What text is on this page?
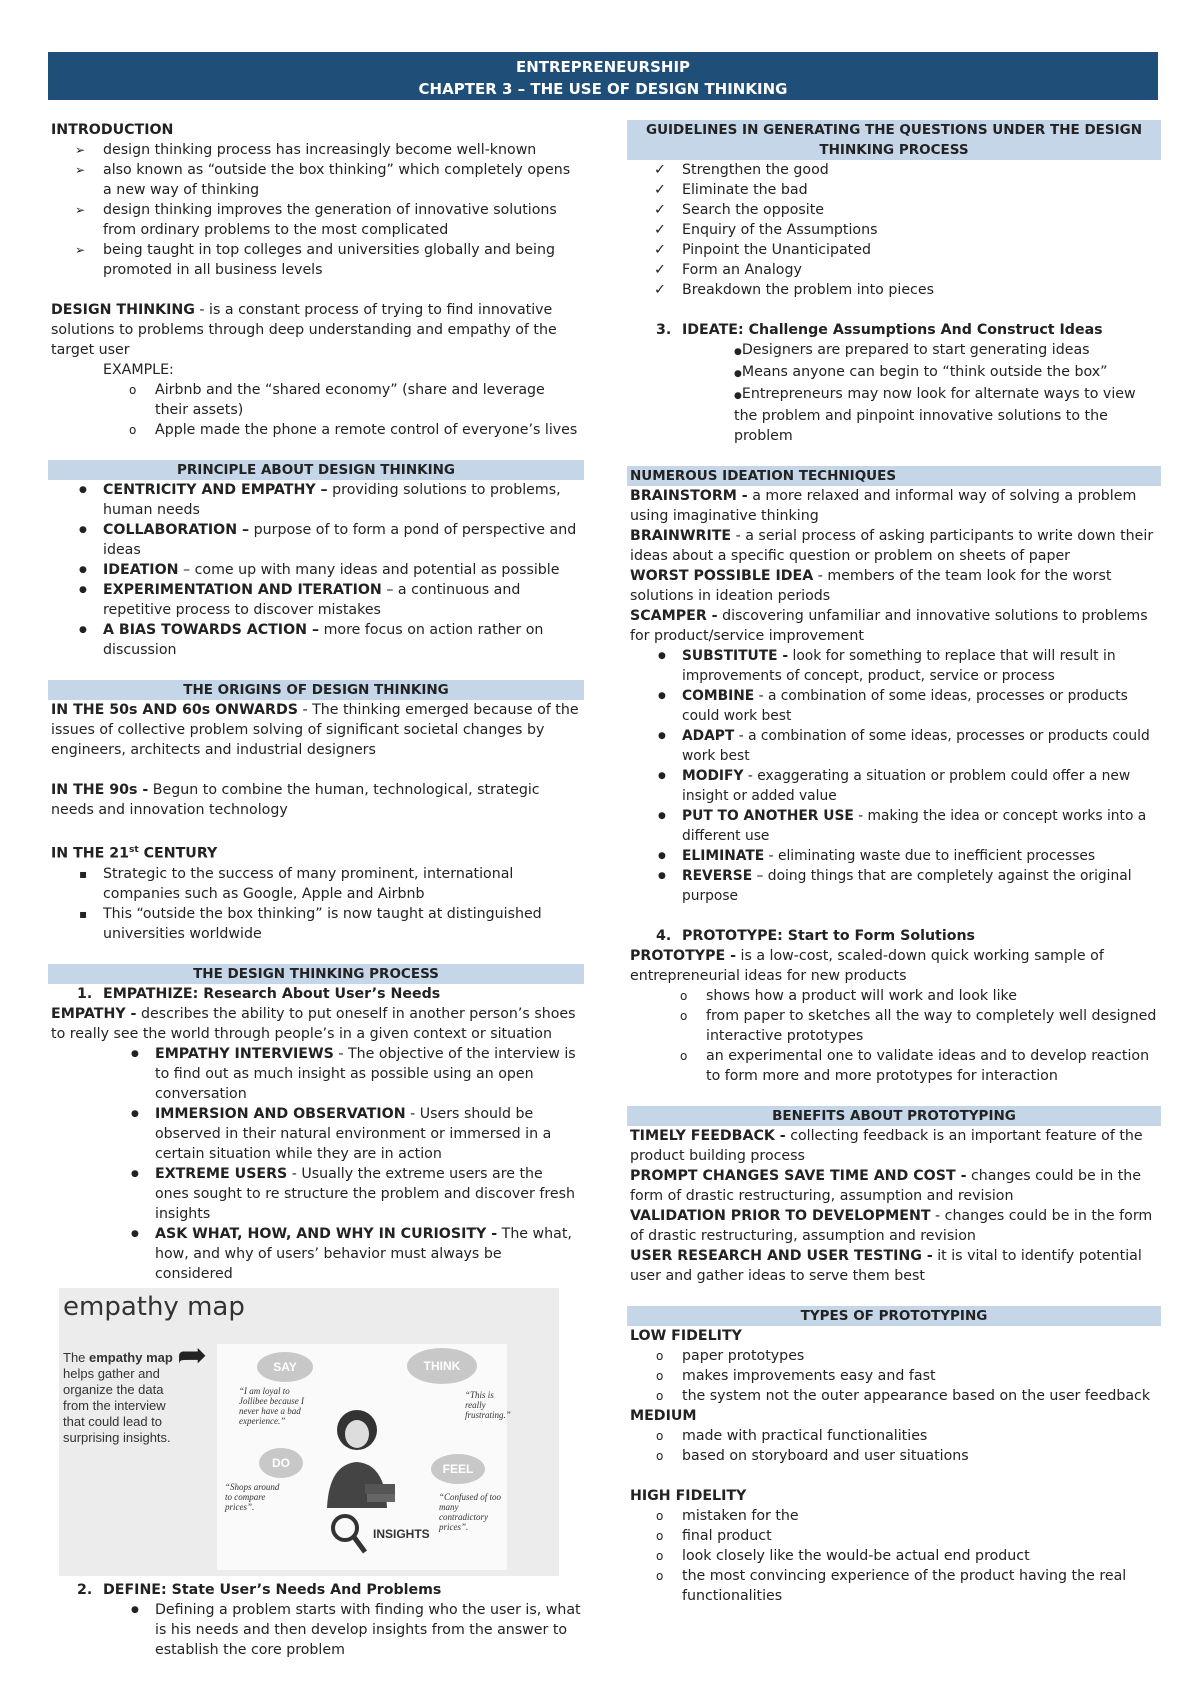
ENTREPRENEURSHIP
CHAPTER 3 – THE USE OF DESIGN THINKING
INTRODUCTION
➢ design thinking process has increasingly become well-known
➢ also known as “outside the box thinking” which completely opens a new way of thinking
➢ design thinking improves the generation of innovative solutions from ordinary problems to the most complicated
➢ being taught in top colleges and universities globally and being promoted in all business levels
DESIGN THINKING - is a constant process of trying to find innovative solutions to problems through deep understanding and empathy of the target user
EXAMPLE:
o Airbnb and the “shared economy” (share and leverage their assets)
o Apple made the phone a remote control of everyone’s lives
PRINCIPLE ABOUT DESIGN THINKING
● CENTRICITY AND EMPATHY – providing solutions to problems, human needs
● COLLABORATION – purpose of to form a pond of perspective and ideas
● IDEATION – come up with many ideas and potential as possible
● EXPERIMENTATION AND ITERATION – a continuous and repetitive process to discover mistakes
● A BIAS TOWARDS ACTION – more focus on action rather on discussion
THE ORIGINS OF DESIGN THINKING
IN THE 50s AND 60s ONWARDS - The thinking emerged because of the issues of collective problem solving of significant societal changes by engineers, architects and industrial designers
IN THE 90s - Begun to combine the human, technological, strategic needs and innovation technology
IN THE 21st CENTURY
▪ Strategic to the success of many prominent, international companies such as Google, Apple and Airbnb
▪ This “outside the box thinking” is now taught at distinguished universities worldwide
THE DESIGN THINKING PROCESS
1. EMPATHIZE: Research About User’s Needs
EMPATHY - describes the ability to put oneself in another person’s shoes to really see the world through people’s in a given context or situation
● EMPATHY INTERVIEWS - The objective of the interview is to find out as much insight as possible using an open conversation
● IMMERSION AND OBSERVATION - Users should be observed in their natural environment or immersed in a certain situation while they are in action
● EXTREME USERS - Usually the extreme users are the ones sought to re structure the problem and discover fresh insights
● ASK WHAT, HOW, AND WHY IN CURIOSITY - The what, how, and why of users’ behavior must always be considered
empathy map
The empathy map helps gather and organize the data from the interview that could lead to surprising insights.
➦	SAY
“I am loyal to Jollibee because I never have a bad experience.”
THINK
“This is really frustrating.”
DO
“Shops around to compare prices”.
FEEL
“Confused of too many contradictory prices”.
INSIGHTS
2. DEFINE: State User’s Needs And Problems
● Defining a problem starts with finding who the user is, what is his needs and then develop insights from the answer to establish the core problem
GUIDELINES IN GENERATING THE QUESTIONS UNDER THE DESIGN THINKING PROCESS
✓ Strengthen the good
✓ Eliminate the bad
✓ Search the opposite
✓ Enquiry of the Assumptions
✓ Pinpoint the Unanticipated
✓ Form an Analogy
✓ Breakdown the problem into pieces
3. IDEATE: Challenge Assumptions And Construct Ideas
● Designers are prepared to start generating ideas
● Means anyone can begin to “think outside the box”
● Entrepreneurs may now look for alternate ways to view the problem and pinpoint innovative solutions to the problem
NUMEROUS IDEATION TECHNIQUES
BRAINSTORM - a more relaxed and informal way of solving a problem using imaginative thinking
BRAINWRITE - a serial process of asking participants to write down their ideas about a specific question or problem on sheets of paper
WORST POSSIBLE IDEA - members of the team look for the worst solutions in ideation periods
SCAMPER - discovering unfamiliar and innovative solutions to problems for product/service improvement
● SUBSTITUTE - look for something to replace that will result in improvements of concept, product, service or process
● COMBINE - a combination of some ideas, processes or products could work best
● ADAPT - a combination of some ideas, processes or products could work best
● MODIFY - exaggerating a situation or problem could offer a new insight or added value
● PUT TO ANOTHER USE - making the idea or concept works into a different use
● ELIMINATE - eliminating waste due to inefficient processes
● REVERSE – doing things that are completely against the original purpose
4. PROTOTYPE: Start to Form Solutions
PROTOTYPE - is a low-cost, scaled-down quick working sample of entrepreneurial ideas for new products
o shows how a product will work and look like
o from paper to sketches all the way to completely well designed interactive prototypes
o an experimental one to validate ideas and to develop reaction to form more and more prototypes for interaction
BENEFITS ABOUT PROTOTYPING
TIMELY FEEDBACK - collecting feedback is an important feature of the product building process
PROMPT CHANGES SAVE TIME AND COST - changes could be in the form of drastic restructuring, assumption and revision
VALIDATION PRIOR TO DEVELOPMENT - changes could be in the form of drastic restructuring, assumption and revision
USER RESEARCH AND USER TESTING - it is vital to identify potential user and gather ideas to serve them best
TYPES OF PROTOTYPING
LOW FIDELITY
o paper prototypes
o makes improvements easy and fast
o the system not the outer appearance based on the user feedback
MEDIUM
o made with practical functionalities
o based on storyboard and user situations
HIGH FIDELITY
o mistaken for the
o final product
o look closely like the would-be actual end product
o the most convincing experience of the product having the real functionalities
